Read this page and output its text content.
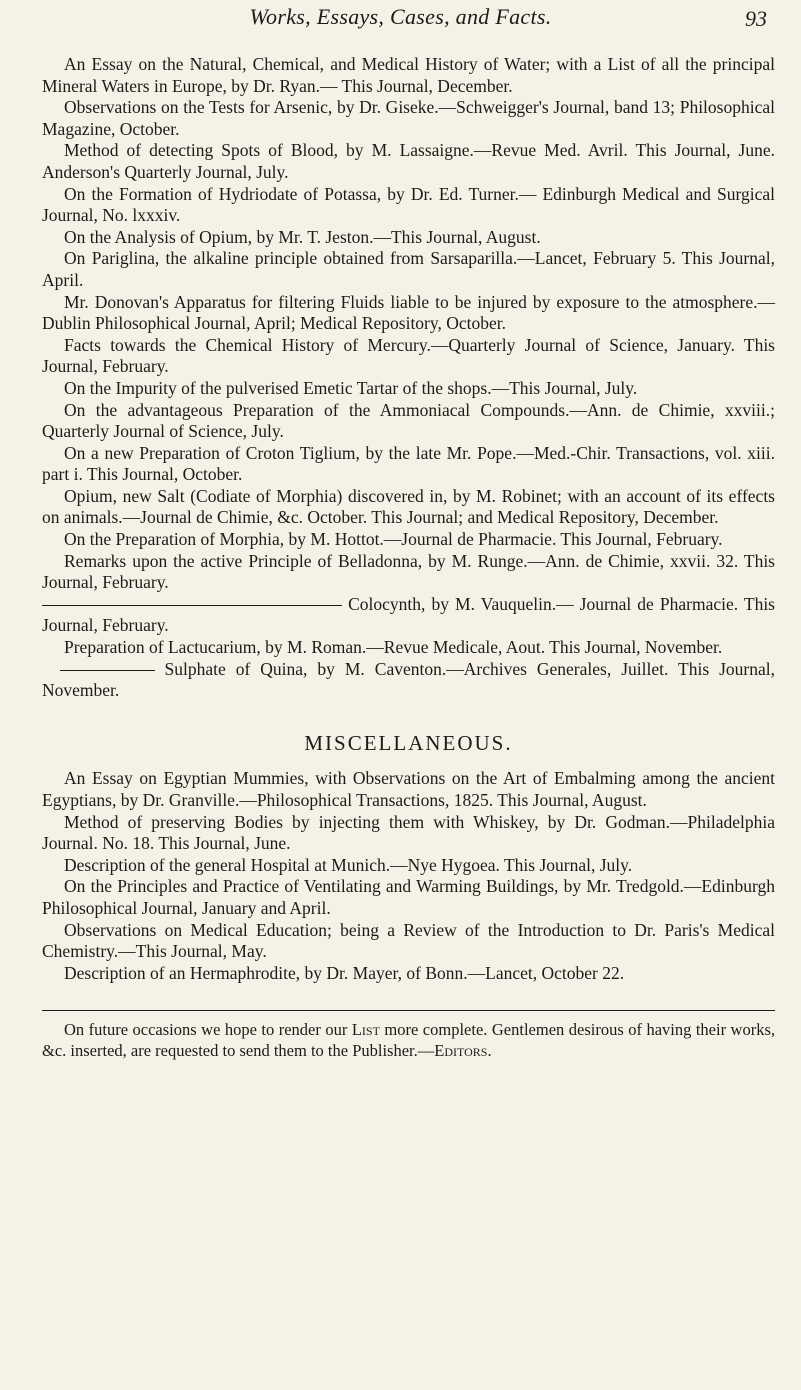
Works, Essays, Cases, and Facts.	93

An Essay on the Natural, Chemical, and Medical History of Water; with a List of all the principal Mineral Waters in Europe, by Dr. Ryan.— This Journal, December.

Observations on the Tests for Arsenic, by Dr. Giseke.—Schweigger's Journal, band 13; Philosophical Magazine, October.

Method of detecting Spots of Blood, by M. Lassaigne.—Revue Med. Avril. This Journal, June. Anderson's Quarterly Journal, July.

On the Formation of Hydriodate of Potassa, by Dr. Ed. Turner.— Edinburgh Medical and Surgical Journal, No. lxxxiv.

On the Analysis of Opium, by Mr. T. Jeston.—This Journal, August.

On Pariglina, the alkaline principle obtained from Sarsaparilla.—Lancet, February 5. This Journal, April.

Mr. Donovan's Apparatus for filtering Fluids liable to be injured by exposure to the atmosphere.—Dublin Philosophical Journal, April; Medical Repository, October.

Facts towards the Chemical History of Mercury.—Quarterly Journal of Science, January. This Journal, February.

On the Impurity of the pulverised Emetic Tartar of the shops.—This Journal, July.

On the advantageous Preparation of the Ammoniacal Compounds.—Ann. de Chimie, xxviii.; Quarterly Journal of Science, July.

On a new Preparation of Croton Tiglium, by the late Mr. Pope.—Med.-Chir. Transactions, vol. xiii. part i. This Journal, October.

Opium, new Salt (Codiate of Morphia) discovered in, by M. Robinet; with an account of its effects on animals.—Journal de Chimie, &c. October. This Journal; and Medical Repository, December.

On the Preparation of Morphia, by M. Hottot.—Journal de Pharmacie. This Journal, February.

Remarks upon the active Principle of Belladonna, by M. Runge.—Ann. de Chimie, xxvii. 32. This Journal, February.

Colocynth, by M. Vauquelin.— Journal de Pharmacie. This Journal, February.

Preparation of Lactucarium, by M. Roman.—Revue Medicale, Aout. This Journal, November.

  Sulphate of Quina, by M. Caventon.—Archives Generales, Juillet. This Journal, November.

MISCELLANEOUS.

An Essay on Egyptian Mummies, with Observations on the Art of Embalming among the ancient Egyptians, by Dr. Granville.—Philosophical Transactions, 1825. This Journal, August.

Method of preserving Bodies by injecting them with Whiskey, by Dr. Godman.—Philadelphia Journal. No. 18. This Journal, June.

Description of the general Hospital at Munich.—Nye Hygoea. This Journal, July.

On the Principles and Practice of Ventilating and Warming Buildings, by Mr. Tredgold.—Edinburgh Philosophical Journal, January and April.

Observations on Medical Education; being a Review of the Introduction to Dr. Paris's Medical Chemistry.—This Journal, May.

Description of an Hermaphrodite, by Dr. Mayer, of Bonn.—Lancet, October 22.

On future occasions we hope to render our List more complete. Gentlemen desirous of having their works, &c. inserted, are requested to send them to the Publisher.—Editors.
